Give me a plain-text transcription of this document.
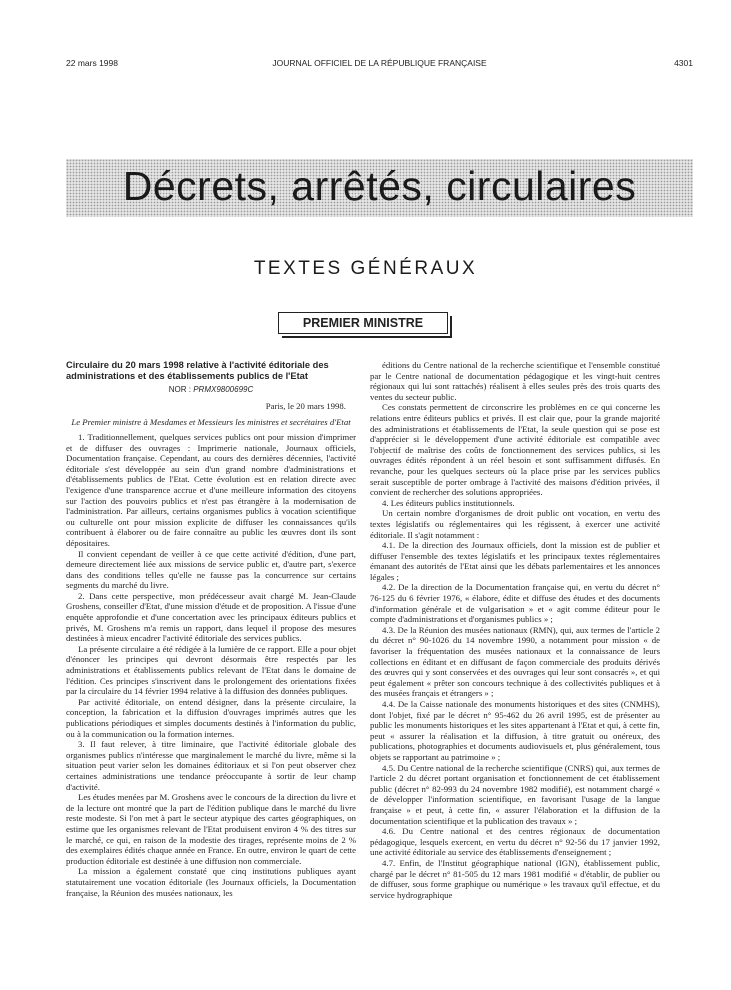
22 mars 1998	JOURNAL OFFICIEL DE LA RÉPUBLIQUE FRANÇAISE	4301
Décrets, arrêtés, circulaires
TEXTES GÉNÉRAUX
PREMIER MINISTRE
Circulaire du 20 mars 1998 relative à l'activité éditoriale des administrations et des établissements publics de l'Etat
NOR : PRMX9800699C
Paris, le 20 mars 1998.
Le Premier ministre à Mesdames et Messieurs les ministres et secrétaires d'Etat

1. Traditionnellement, quelques services publics ont pour mission d'imprimer et de diffuser des ouvrages : Imprimerie nationale, Journaux officiels, Documentation française. Cependant, au cours des dernières décennies, l'activité éditoriale s'est développée au sein d'un grand nombre d'administrations et d'établissements publics de l'Etat. Cette évolution est en relation directe avec l'exigence d'une transparence accrue et d'une meilleure information des citoyens sur l'action des pouvoirs publics et n'est pas étrangère à la modernisation de l'administration. Par ailleurs, certains organismes publics à vocation scientifique ou culturelle ont pour mission explicite de diffuser les connaissances qu'ils contribuent à élaborer ou de faire connaître au public les œuvres dont ils sont dépositaires.

Il convient cependant de veiller à ce que cette activité d'édition, d'une part, demeure directement liée aux missions de service public et, d'autre part, s'exerce dans des conditions telles qu'elle ne fausse pas la concurrence sur certains segments du marché du livre.

2. Dans cette perspective, mon prédécesseur avait chargé M. Jean-Claude Groshens, conseiller d'Etat, d'une mission d'étude et de proposition. A l'issue d'une enquête approfondie et d'une concertation avec les principaux éditeurs publics et privés, M. Groshens m'a remis un rapport, dans lequel il propose des mesures destinées à mieux encadrer l'activité éditoriale des services publics.

La présente circulaire a été rédigée à la lumière de ce rapport. Elle a pour objet d'énoncer les principes qui devront désormais être respectés par les administrations et établissements publics relevant de l'Etat dans le domaine de l'édition. Ces principes s'inscrivent dans le prolongement des orientations fixées par la circulaire du 14 février 1994 relative à la diffusion des données publiques.

Par activité éditoriale, on entend désigner, dans la présente circulaire, la conception, la fabrication et la diffusion d'ouvrages imprimés autres que les publications périodiques et simples documents destinés à l'information du public, ou à la communication ou la formation internes.

3. Il faut relever, à titre liminaire, que l'activité éditoriale globale des organismes publics n'intéresse que marginalement le marché du livre, même si la situation peut varier selon les domaines éditoriaux et si l'on peut observer chez certaines administrations une tendance préoccupante à sortir de leur champ d'activité.

Les études menées par M. Groshens avec le concours de la direction du livre et de la lecture ont montré que la part de l'édition publique dans le marché du livre reste modeste. Si l'on met à part le secteur atypique des cartes géographiques, on estime que les organismes relevant de l'Etat produisent environ 4 % des titres sur le marché, ce qui, en raison de la modestie des tirages, représente moins de 2 % des exemplaires édités chaque année en France. En outre, environ le quart de cette production éditoriale est destinée à une diffusion non commerciale.

La mission a également constaté que cinq institutions publiques ayant statutairement une vocation éditoriale (les Journaux officiels, la Documentation française, la Réunion des musées nationaux, les

éditions du Centre national de la recherche scientifique et l'ensemble constitué par le Centre national de documentation pédagogique et les vingt-huit centres régionaux qui lui sont rattachés) réalisent à elles seules près des trois quarts des ventes du secteur public.

Ces constats permettent de circonscrire les problèmes en ce qui concerne les relations entre éditeurs publics et privés. Il est clair que, pour la grande majorité des administrations et établissements de l'Etat, la seule question qui se pose est d'apprécier si le développement d'une activité éditoriale est compatible avec l'objectif de maîtrise des coûts de fonctionnement des services publics, si les ouvrages édités répondent à un réel besoin et sont suffisamment diffusés. En revanche, pour les quelques secteurs où la place prise par les services publics serait susceptible de porter ombrage à l'activité des maisons d'édition privées, il convient de rechercher des solutions appropriées.

4. Les éditeurs publics institutionnels.

Un certain nombre d'organismes de droit public ont vocation, en vertu des textes législatifs ou réglementaires qui les régissent, à exercer une activité éditoriale. Il s'agit notamment :

4.1. De la direction des Journaux officiels, dont la mission est de publier et diffuser l'ensemble des textes législatifs et les principaux textes réglementaires émanant des autorités de l'Etat ainsi que les débats parlementaires et les annonces légales ;

4.2. De la direction de la Documentation française qui, en vertu du décret n° 76-125 du 6 février 1976, « élabore, édite et diffuse des études et des documents d'information générale et de vulgarisation » et « agit comme éditeur pour le compte d'administrations et d'organismes publics » ;

4.3. De la Réunion des musées nationaux (RMN), qui, aux termes de l'article 2 du décret n° 90-1026 du 14 novembre 1990, a notamment pour mission « de favoriser la fréquentation des musées nationaux et la connaissance de leurs collections en éditant et en diffusant de façon commerciale des produits dérivés des œuvres qui y sont conservées et des ouvrages qui leur sont consacrés », et qui peut également « prêter son concours technique à des collectivités publiques et à des musées français et étrangers » ;

4.4. De la Caisse nationale des monuments historiques et des sites (CNMHS), dont l'objet, fixé par le décret n° 95-462 du 26 avril 1995, est de présenter au public les monuments historiques et les sites appartenant à l'Etat et qui, à cette fin, peut « assurer la réalisation et la diffusion, à titre gratuit ou onéreux, des publications, photographies et documents audiovisuels et, plus généralement, tous objets se rapportant au patrimoine » ;

4.5. Du Centre national de la recherche scientifique (CNRS) qui, aux termes de l'article 2 du décret portant organisation et fonctionnement de cet établissement public (décret n° 82-993 du 24 novembre 1982 modifié), est notamment chargé « de développer l'information scientifique, en favorisant l'usage de la langue française » et peut, à cette fin, « assurer l'élaboration et la diffusion de la documentation scientifique et la publication des travaux » ;

4.6. Du Centre national et des centres régionaux de documentation pédagogique, lesquels exercent, en vertu du décret n° 92-56 du 17 janvier 1992, une activité éditoriale au service des établissements d'enseignement ;

4.7. Enfin, de l'Institut géographique national (IGN), établissement public, chargé par le décret n° 81-505 du 12 mars 1981 modifié « d'établir, de publier ou de diffuser, sous forme graphique ou numérique » les travaux qu'il effectue, et du service hydrographique
